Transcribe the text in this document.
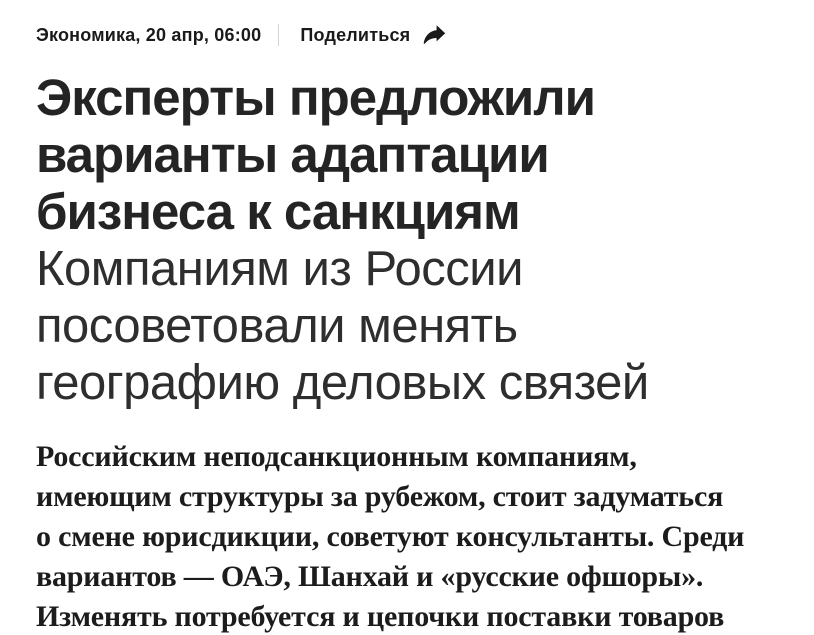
Экономика, 20 апр, 06:00 Поделиться
Эксперты предложили
варианты адаптации
бизнеса к санкциям
Компаниям из России
посоветовали менять
географию деловых связей

Российским неподсанкционным компаниям,
имеющим структуры за рубежом, стоит задуматься
о смене юрисдикции, советуют консультанты. Среди
вариантов — ОАЭ, Шанхай и «русские офшоры».
Изменять потребуется и цепочки поставки товаров
